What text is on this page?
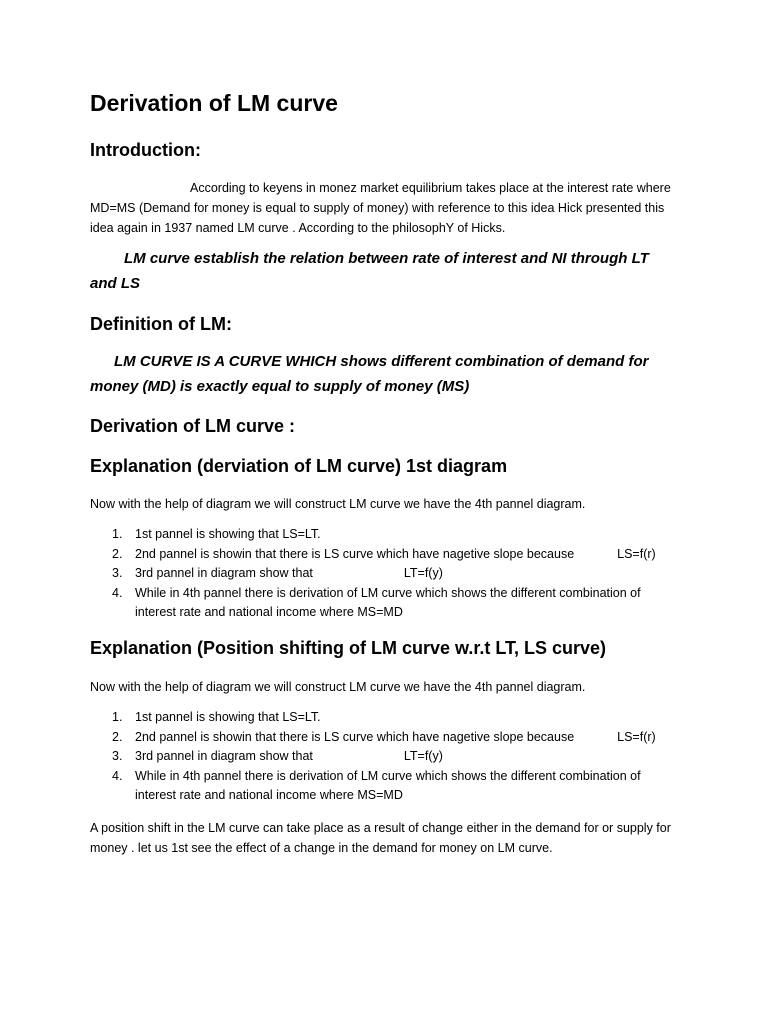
Derivation of LM curve
Introduction:

According to keyens in monez market equilibrium takes place at the interest rate where MD=MS (Demand for money is equal to supply of money) with reference to this idea Hick presented this idea again in 1937 named LM curve . According to the philosophY of Hicks.

LM curve establish the relation between rate of interest and NI through LT and LS

Definition of LM:

LM CURVE IS A CURVE WHICH shows different combination of demand for money (MD) is exactly equal to supply of money (MS)

Derivation of LM curve :
Explanation (derviation of LM curve) 1st diagram

Now with the help of diagram we will construct LM curve we have the 4th pannel diagram.

1. 1st pannel is showing that LS=LT.
2. 2nd pannel is showin that there is LS curve which have nagetive slope because	LS=f(r)
3. 3rd pannel in diagram show that	LT=f(y)
4. While in 4th pannel there is derivation of LM curve which shows the different combination of interest rate and national income where MS=MD
Explanation (Position shifting of LM curve w.r.t LT, LS curve)

Now with the help of diagram we will construct LM curve we have the 4th pannel diagram.

1. 1st pannel is showing that LS=LT.
2. 2nd pannel is showin that there is LS curve which have nagetive slope because	LS=f(r)
3. 3rd pannel in diagram show that	LT=f(y)
4. While in 4th pannel there is derivation of LM curve which shows the different combination of interest rate and national income where MS=MD

A position shift in the LM curve can take place as a result of change either in the demand for or supply for money . let us 1st see the effect of a change in the demand for money on LM curve.
